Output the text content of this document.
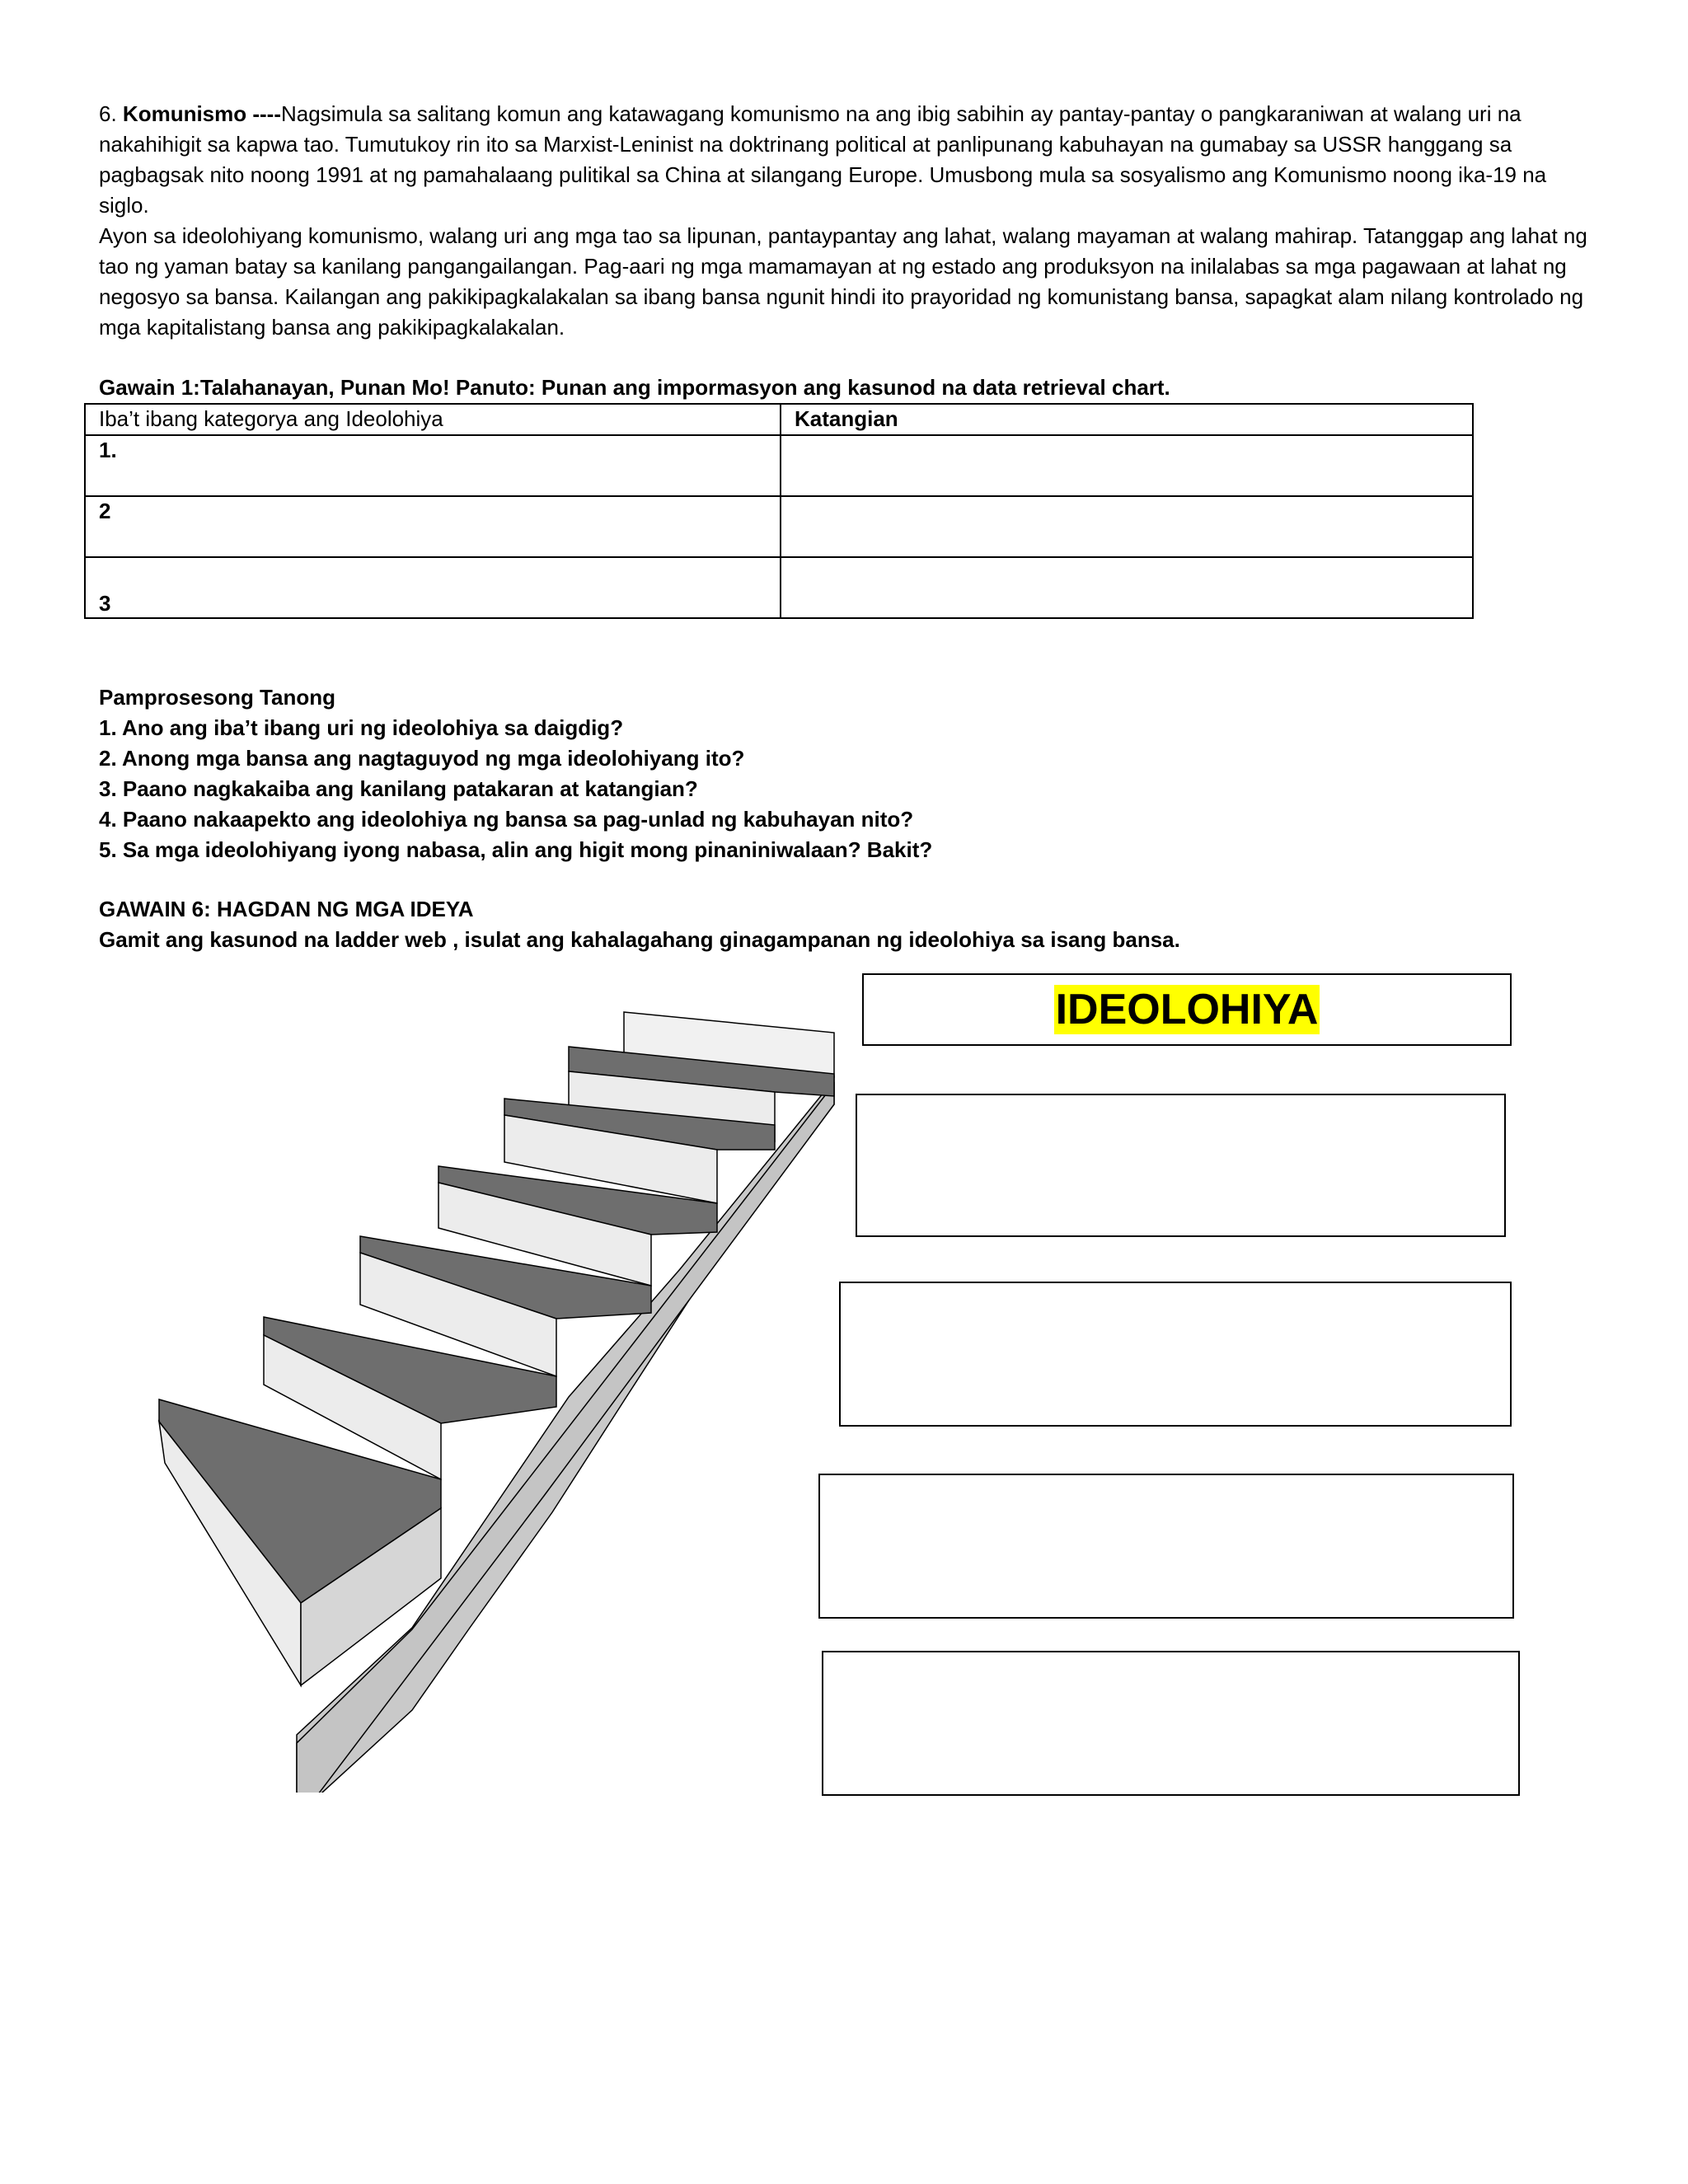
6. Komunismo ----Nagsimula sa salitang komun ang katawagang komunismo na ang ibig sabihin ay pantay-pantay o pangkaraniwan at walang uri na nakahihigit sa kapwa tao. Tumutukoy rin ito sa Marxist-Leninist na doktrinang political at panlipunang kabuhayan na gumabay sa USSR hanggang sa pagbagsak nito noong 1991 at ng pamahalaang pulitikal sa China at silangang Europe. Umusbong mula sa sosyalismo ang Komunismo noong ika-19 na siglo.

Ayon sa ideolohiyang komunismo, walang uri ang mga tao sa lipunan, pantaypantay ang lahat, walang mayaman at walang mahirap. Tatanggap ang lahat ng tao ng yaman batay sa kanilang pangangailangan. Pag-aari ng mga mamamayan at ng estado ang produksyon na inilalabas sa mga pagawaan at lahat ng negosyo sa bansa. Kailangan ang pakikipagkalakalan sa ibang bansa ngunit hindi ito prayoridad ng komunistang bansa, sapagkat alam nilang kontrolado ng mga kapitalistang bansa ang pakikipagkalakalan.

Gawain 1:Talahanayan, Punan Mo! Panuto: Punan ang impormasyon ang kasunod na data retrieval chart.

Iba’t ibang kategorya ang Ideolohiya	Katangian
1.	
2	
3	
Pamprosesong Tanong
1. Ano ang iba’t ibang uri ng ideolohiya sa daigdig?
2. Anong mga bansa ang nagtaguyod ng mga ideolohiyang ito?
3. Paano nagkakaiba ang kanilang patakaran at katangian?
4. Paano nakaapekto ang ideolohiya ng bansa sa pag-unlad ng kabuhayan nito?
5. Sa mga ideolohiyang iyong nabasa, alin ang higit mong pinaniniwalaan? Bakit?
GAWAIN 6: HAGDAN NG MGA IDEYA
Gamit ang kasunod na ladder web , isulat ang kahalagahang ginagampanan ng ideolohiya sa isang bansa.
IDEOLOHIYA
